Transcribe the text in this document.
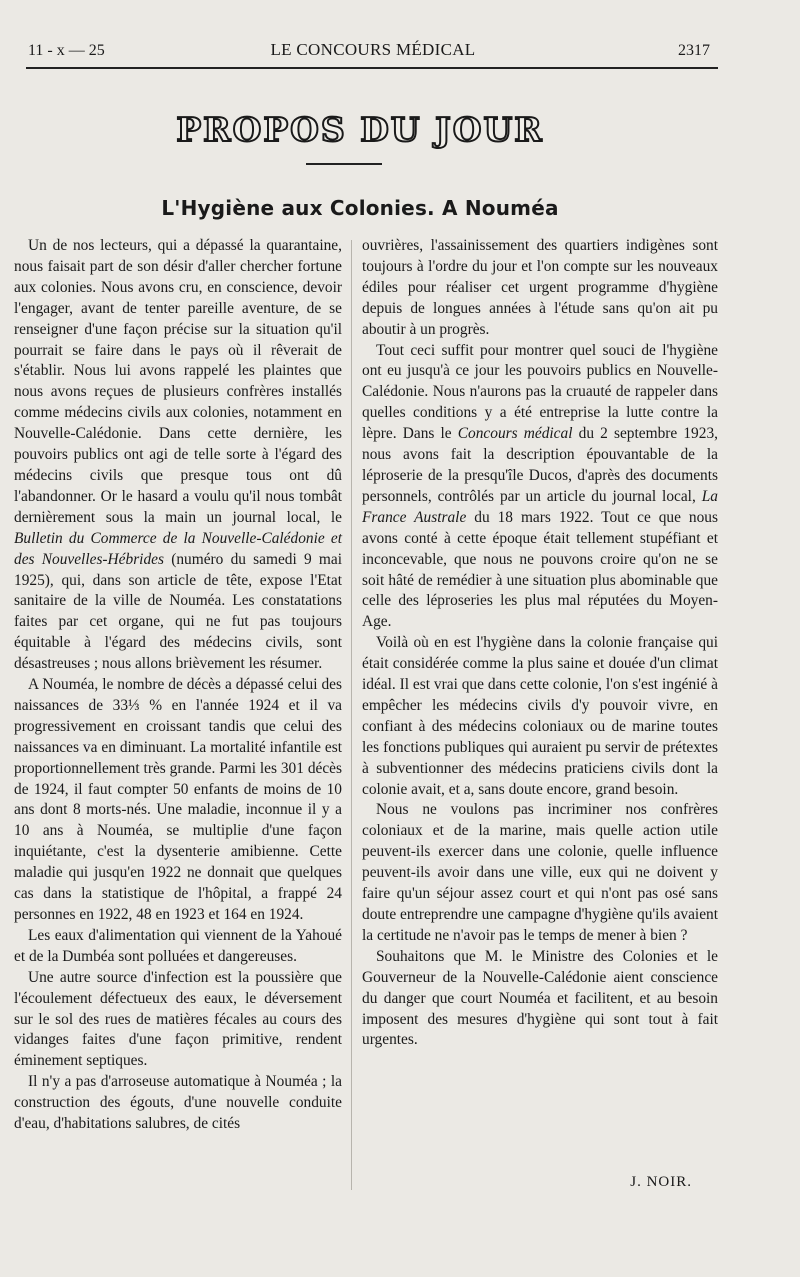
11 - x — 25	LE CONCOURS MÉDICAL	2317
PROPOS DU JOUR
L'Hygiène aux Colonies. A Nouméa

Un de nos lecteurs, qui a dépassé la quarantaine, nous faisait part de son désir d'aller chercher fortune aux colonies. Nous avons cru, en conscience, devoir l'engager, avant de tenter pareille aventure, de se renseigner d'une façon précise sur la situation qu'il pourrait se faire dans le pays où il rêverait de s'établir. Nous lui avons rappelé les plaintes que nous avons reçues de plusieurs confrères installés comme médecins civils aux colonies, notamment en Nouvelle-Calédonie. Dans cette dernière, les pouvoirs publics ont agi de telle sorte à l'égard des médecins civils que presque tous ont dû l'abandonner. Or le hasard a voulu qu'il nous tombât dernièrement sous la main un journal local, le Bulletin du Commerce de la Nouvelle-Calédonie et des Nouvelles-Hébrides (numéro du samedi 9 mai 1925), qui, dans son article de tête, expose l'Etat sanitaire de la ville de Nouméa. Les constatations faites par cet organe, qui ne fut pas toujours équitable à l'égard des médecins civils, sont désastreuses ; nous allons brièvement les résumer.

A Nouméa, le nombre de décès a dépassé celui des naissances de 33⅓ % en l'année 1924 et il va progressivement en croissant tandis que celui des naissances va en diminuant. La mortalité infantile est proportionnellement très grande. Parmi les 301 décès de 1924, il faut compter 50 enfants de moins de 10 ans dont 8 morts-nés. Une maladie, inconnue il y a 10 ans à Nouméa, se multiplie d'une façon inquiétante, c'est la dysenterie amibienne. Cette maladie qui jusqu'en 1922 ne donnait que quelques cas dans la statistique de l'hôpital, a frappé 24 personnes en 1922, 48 en 1923 et 164 en 1924.

Les eaux d'alimentation qui viennent de la Yahoué et de la Dumbéa sont polluées et dangereuses.

Une autre source d'infection est la poussière que l'écoulement défectueux des eaux, le déversement sur le sol des rues de matières fécales au cours des vidanges faites d'une façon primitive, rendent éminement septiques.

Il n'y a pas d'arroseuse automatique à Nouméa ; la construction des égouts, d'une nouvelle conduite d'eau, d'habitations salubres, de cités

ouvrières, l'assainissement des quartiers indigènes sont toujours à l'ordre du jour et l'on compte sur les nouveaux édiles pour réaliser cet urgent programme d'hygiène depuis de longues années à l'étude sans qu'on ait pu aboutir à un progrès.

Tout ceci suffit pour montrer quel souci de l'hygiène ont eu jusqu'à ce jour les pouvoirs publics en Nouvelle-Calédonie. Nous n'aurons pas la cruauté de rappeler dans quelles conditions y a été entreprise la lutte contre la lèpre. Dans le Concours médical du 2 septembre 1923, nous avons fait la description épouvantable de la léproserie de la presqu'île Ducos, d'après des documents personnels, contrôlés par un article du journal local, La France Australe du 18 mars 1922. Tout ce que nous avons conté à cette époque était tellement stupéfiant et inconcevable, que nous ne pouvons croire qu'on ne se soit hâté de remédier à une situation plus abominable que celle des léproseries les plus mal réputées du Moyen-Age.

Voilà où en est l'hygiène dans la colonie française qui était considérée comme la plus saine et douée d'un climat idéal. Il est vrai que dans cette colonie, l'on s'est ingénié à empêcher les médecins civils d'y pouvoir vivre, en confiant à des médecins coloniaux ou de marine toutes les fonctions publiques qui auraient pu servir de prétextes à subventionner des médecins praticiens civils dont la colonie avait, et a, sans doute encore, grand besoin.

Nous ne voulons pas incriminer nos confrères coloniaux et de la marine, mais quelle action utile peuvent-ils exercer dans une colonie, quelle influence peuvent-ils avoir dans une ville, eux qui ne doivent y faire qu'un séjour assez court et qui n'ont pas osé sans doute entreprendre une campagne d'hygiène qu'ils avaient la certitude ne n'avoir pas le temps de mener à bien ?

Souhaitons que M. le Ministre des Colonies et le Gouverneur de la Nouvelle-Calédonie aient conscience du danger que court Nouméa et facilitent, et au besoin imposent des mesures d'hygiène qui sont tout à fait urgentes.

J. NOIR.
